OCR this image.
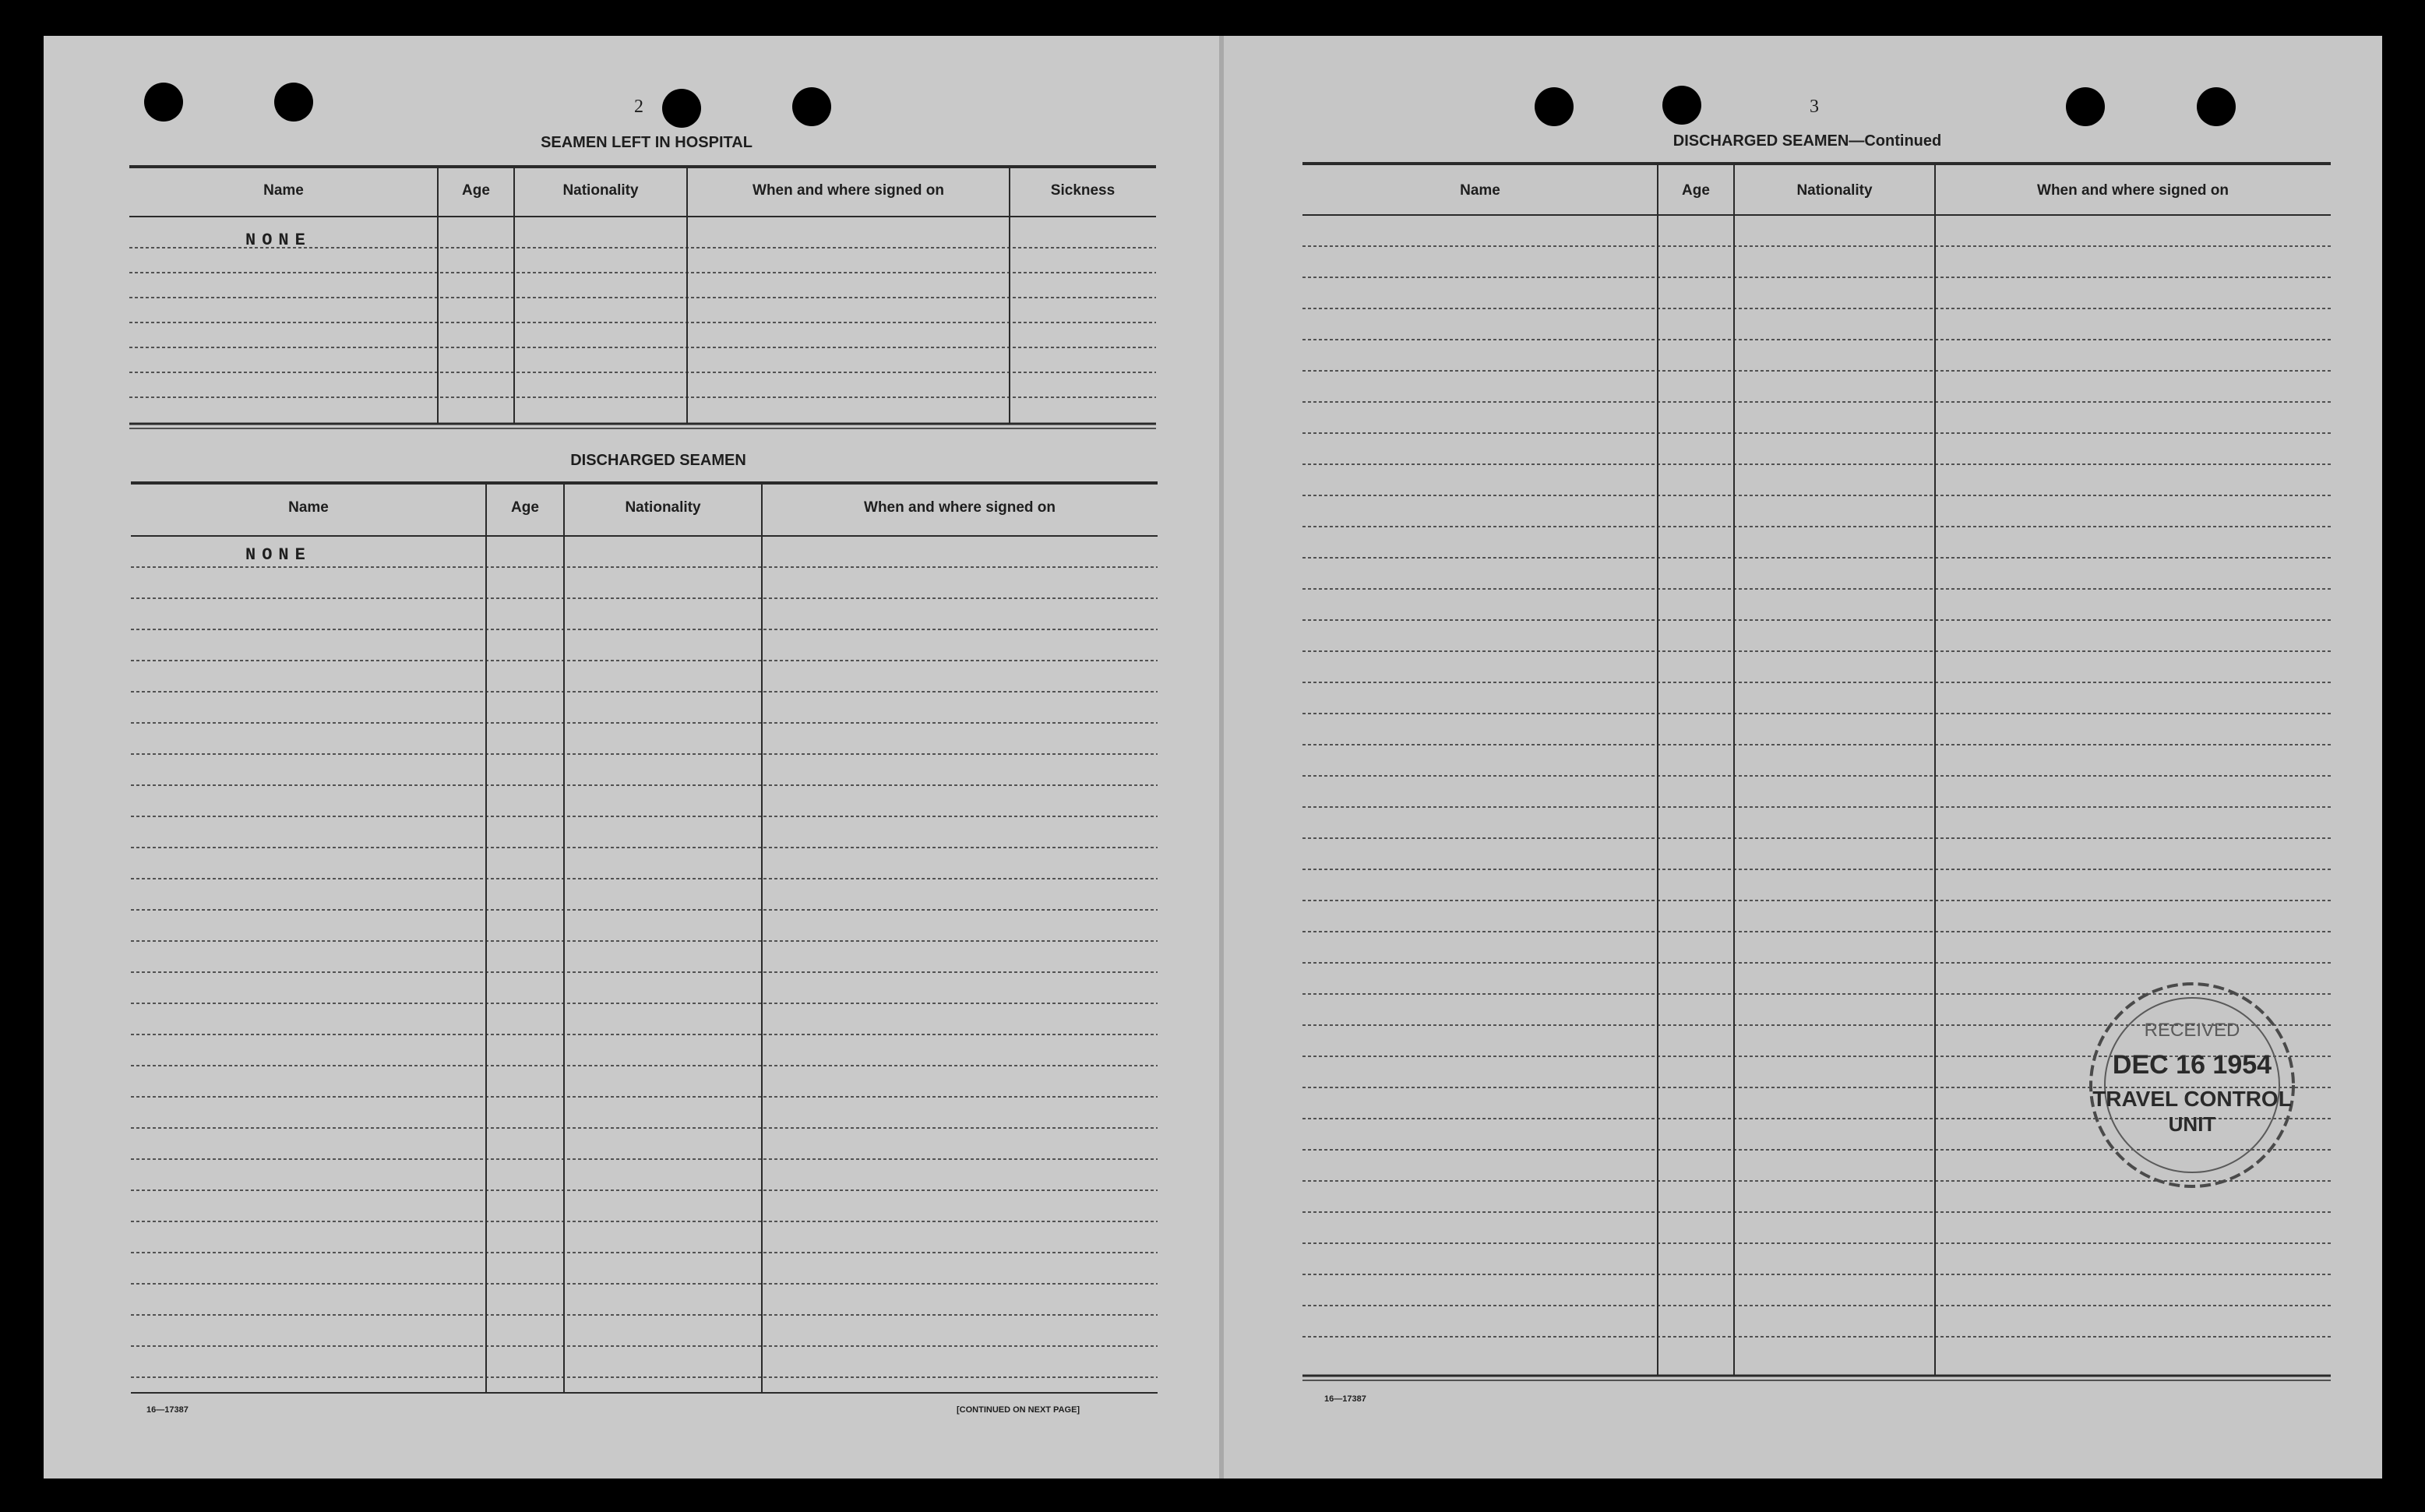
2
SEAMEN LEFT IN HOSPITAL
Name	Age	Nationality	When and where signed on	Sickness
NONE
DISCHARGED SEAMEN
Name	Age	Nationality	When and where signed on
NONE
16—17387	[CONTINUED ON NEXT PAGE]
3
DISCHARGED SEAMEN—Continued
Name	Age	Nationality	When and where signed on
16—17387
RECEIVED
DEC 16 1954
TRAVEL CONTROL
UNIT
